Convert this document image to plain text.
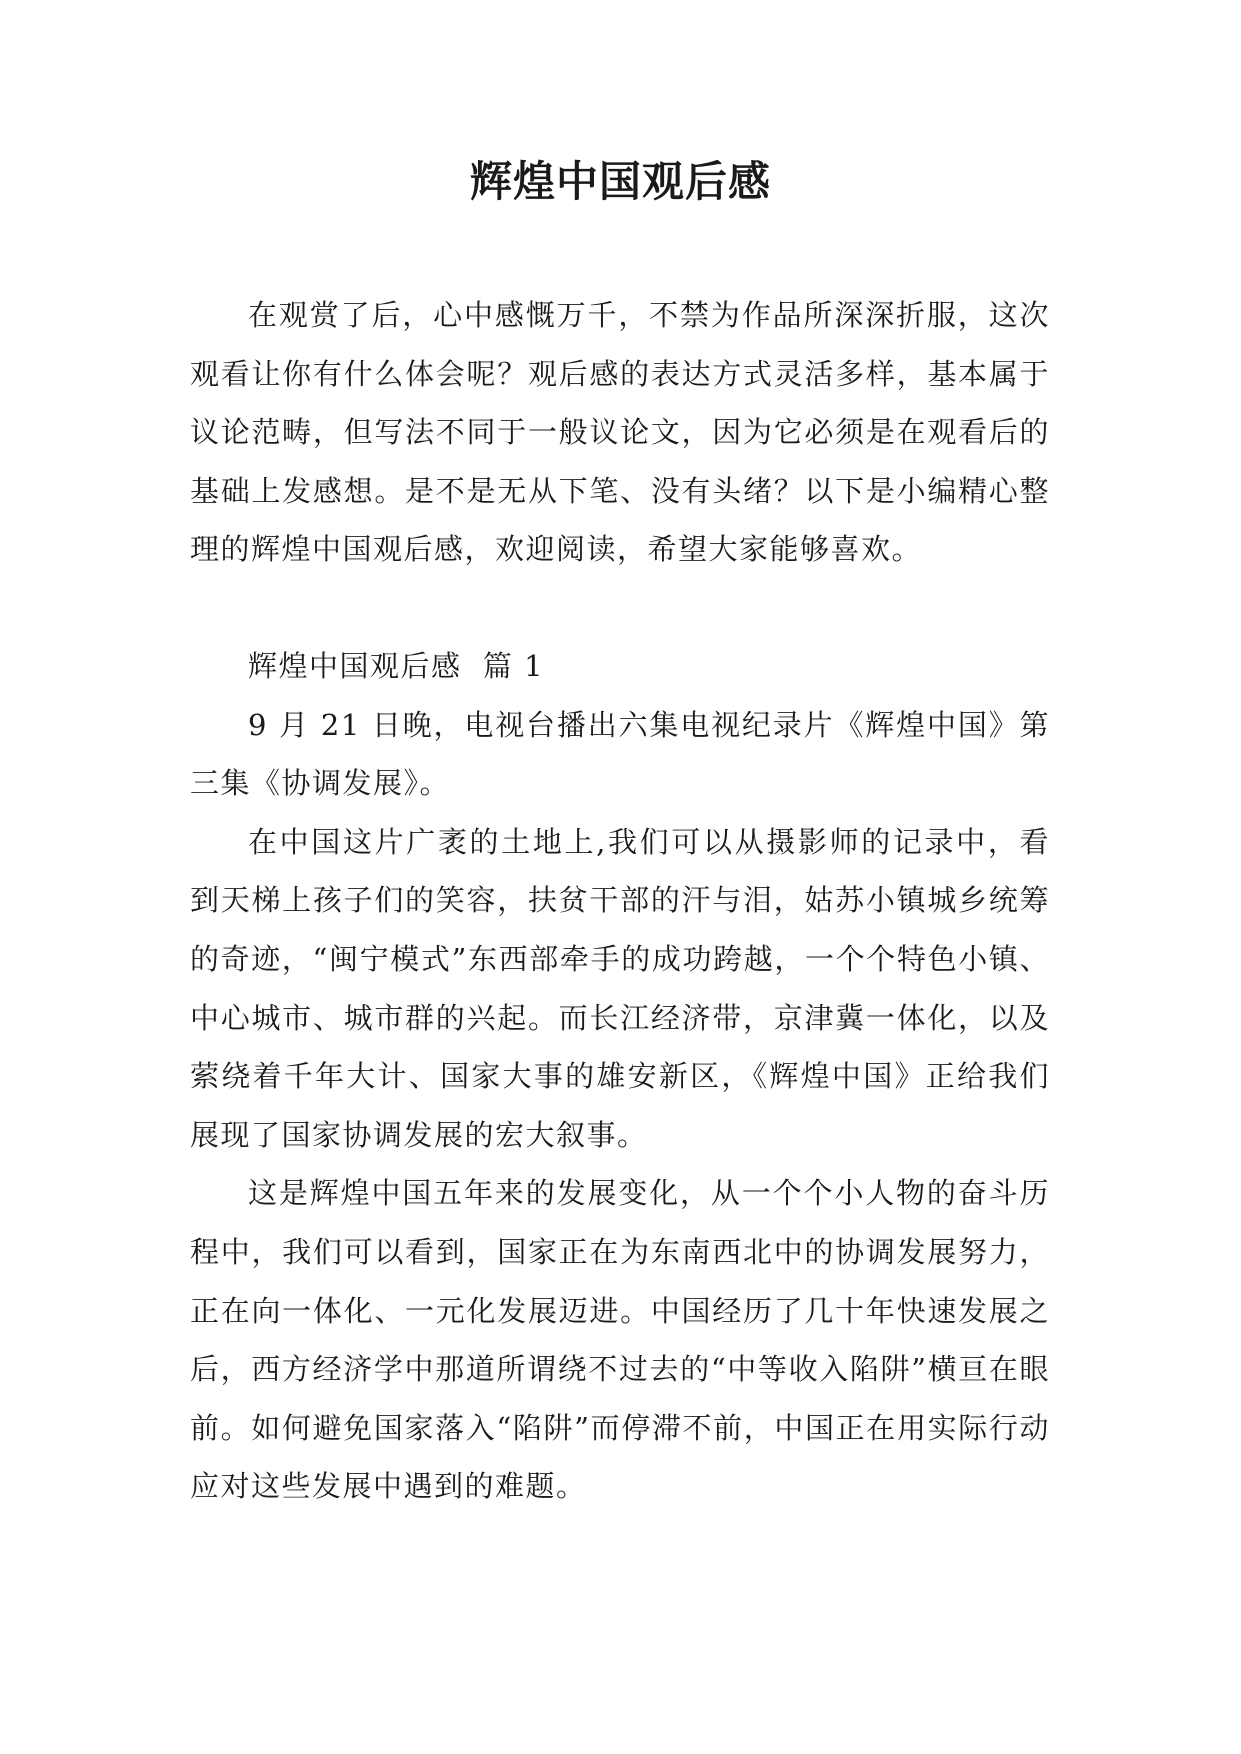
辉煌中国观后感

在观赏了后，心中感慨万千，不禁为作品所深深折服，这次观看让你有什么体会呢？观后感的表达方式灵活多样，基本属于议论范畴，但写法不同于一般议论文，因为它必须是在观看后的基础上发感想。是不是无从下笔、没有头绪？以下是小编精心整理的辉煌中国观后感，欢迎阅读，希望大家能够喜欢。

辉煌中国观后感  篇 1

9 月 21 日晚，电视台播出六集电视纪录片《辉煌中国》第三集《协调发展》。

在中国这片广袤的土地上,我们可以从摄影师的记录中，看到天梯上孩子们的笑容，扶贫干部的汗与泪，姑苏小镇城乡统筹的奇迹，“闽宁模式”东西部牵手的成功跨越，一个个特色小镇、中心城市、城市群的兴起。而长江经济带，京津冀一体化，以及萦绕着千年大计、国家大事的雄安新区，《辉煌中国》正给我们展现了国家协调发展的宏大叙事。

这是辉煌中国五年来的发展变化，从一个个小人物的奋斗历程中，我们可以看到，国家正在为东南西北中的协调发展努力，正在向一体化、一元化发展迈进。中国经历了几十年快速发展之后，西方经济学中那道所谓绕不过去的“中等收入陷阱”横亘在眼前。如何避免国家落入“陷阱”而停滞不前，中国正在用实际行动应对这些发展中遇到的难题。
